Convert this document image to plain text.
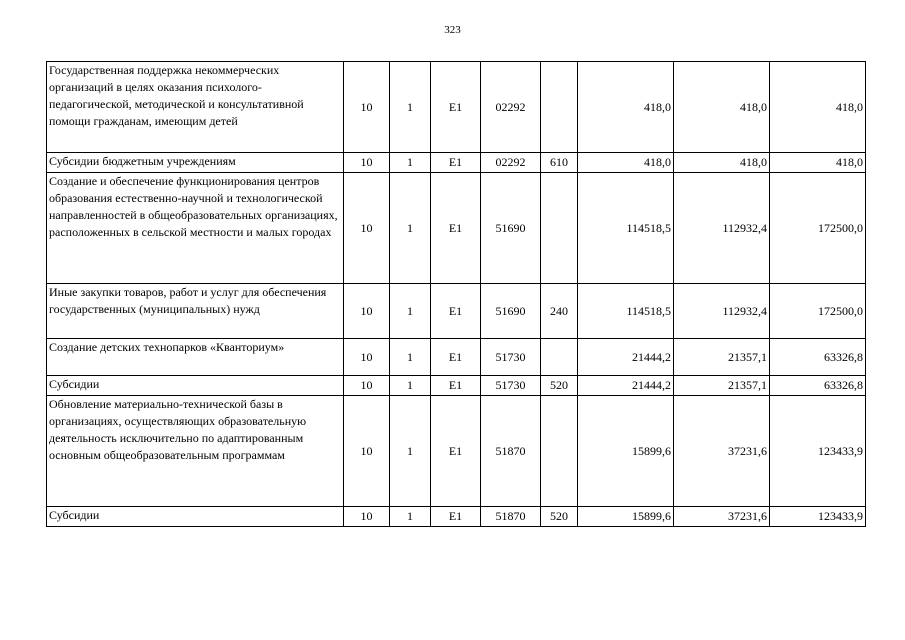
323
Государственная поддержка некоммерческих организаций в целях оказания психолого-педагогической, методической и консультативной помощи гражданам, имеющим детей	10	1	E1	02292		418,0	418,0	418,0
Субсидии бюджетным учреждениям	10	1	E1	02292	610	418,0	418,0	418,0
Создание и обеспечение функционирования центров образования естественно-научной и технологической направленностей в общеобразовательных организациях, расположенных в сельской местности и малых городах	10	1	E1	51690		114518,5	112932,4	172500,0
Иные закупки товаров, работ и услуг для обеспечения государственных (муниципальных) нужд	10	1	E1	51690	240	114518,5	112932,4	172500,0
Создание детских технопарков «Кванториум»	10	1	E1	51730		21444,2	21357,1	63326,8
Субсидии	10	1	E1	51730	520	21444,2	21357,1	63326,8
Обновление материально-технической базы в организациях, осуществляющих образовательную деятельность исключительно по адаптированным основным общеобразовательным программам	10	1	E1	51870		15899,6	37231,6	123433,9
Субсидии	10	1	E1	51870	520	15899,6	37231,6	123433,9
